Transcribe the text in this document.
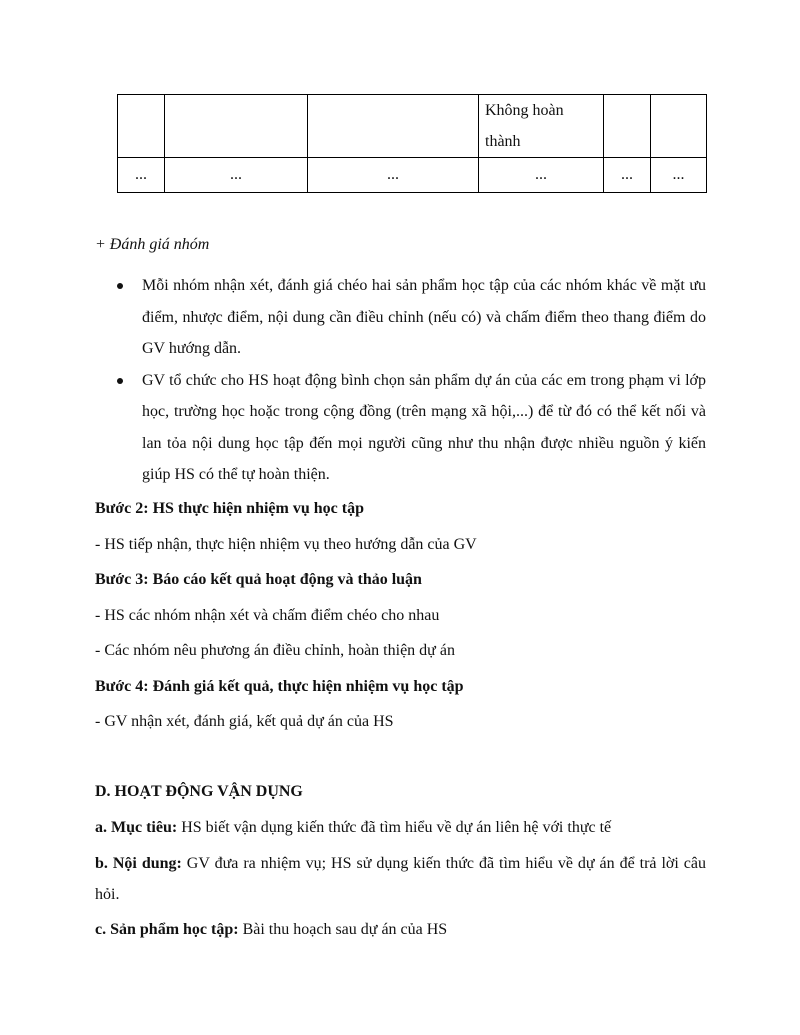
			Không hoàn thành		
...	...	...	...	...	...
+ Đánh giá nhóm
Mỗi nhóm nhận xét, đánh giá chéo hai sản phẩm học tập của các nhóm khác về mặt ưu điểm, nhược điểm, nội dung cần điều chỉnh (nếu có) và chấm điểm theo thang điểm do GV hướng dẫn.
GV tổ chức cho HS hoạt động bình chọn sản phẩm dự án của các em trong phạm vi lớp học, trường học hoặc trong cộng đồng (trên mạng xã hội,...) để từ đó có thể kết nối và lan tỏa nội dung học tập đến mọi người cũng như thu nhận được nhiều nguồn ý kiến giúp HS có thể tự hoàn thiện.
Bước 2: HS thực hiện nhiệm vụ học tập
- HS tiếp nhận, thực hiện nhiệm vụ theo hướng dẫn của GV
Bước 3: Báo cáo kết quả hoạt động và thảo luận
- HS các nhóm nhận xét và chấm điểm chéo cho nhau
- Các nhóm nêu phương án điều chỉnh, hoàn thiện dự án
Bước 4: Đánh giá kết quả, thực hiện nhiệm vụ học tập
- GV nhận xét, đánh giá, kết quả dự án của HS
D. HOẠT ĐỘNG VẬN DỤNG
a. Mục tiêu: HS biết vận dụng kiến thức đã tìm hiểu về dự án liên hệ với thực tế
b. Nội dung: GV đưa ra nhiệm vụ; HS sử dụng kiến thức đã tìm hiểu về dự án để trả lời câu hỏi.
c. Sản phẩm học tập: Bài thu hoạch sau dự án của HS
